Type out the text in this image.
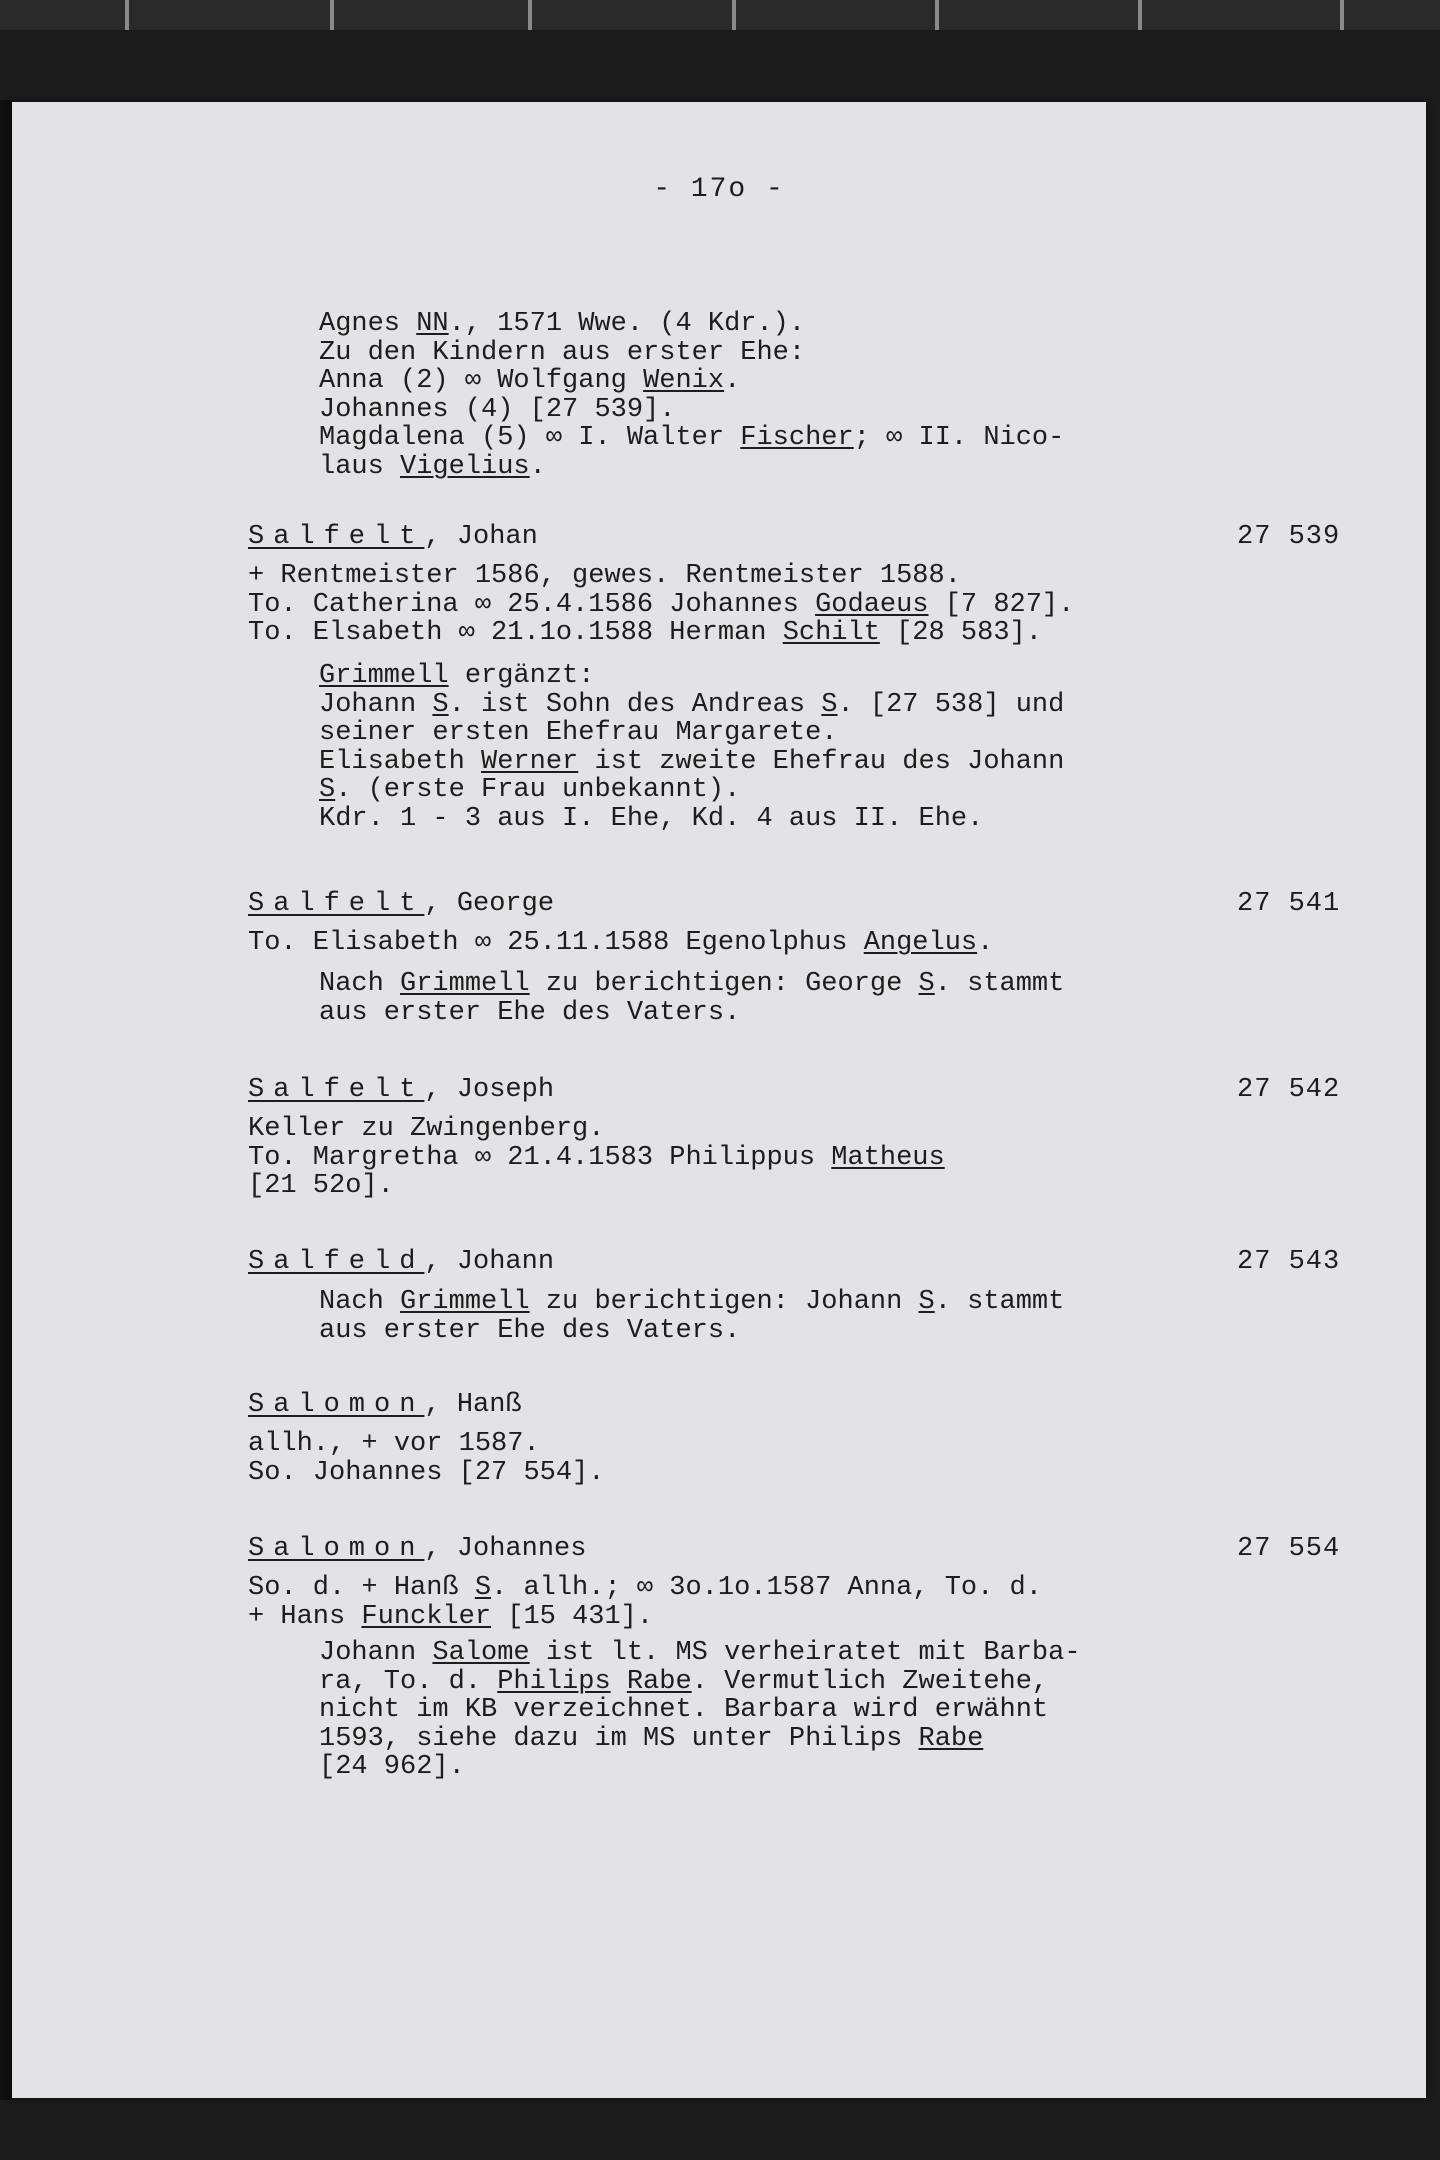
- 17o -
Agnes NN., 1571 Wwe. (4 Kdr.).
Zu den Kindern aus erster Ehe:
Anna (2) ∞ Wolfgang Wenix.
Johannes (4) [27 539].
Magdalena (5) ∞ I. Walter Fischer; ∞ II. Nico-
laus Vigelius.
Salfelt, Johan	27 539
+ Rentmeister 1586, gewes. Rentmeister 1588.
To. Catherina ∞ 25.4.1586 Johannes Godaeus [7 827].
To. Elsabeth ∞ 21.1o.1588 Herman Schilt [28 583].
Grimmell ergänzt:
Johann S. ist Sohn des Andreas S. [27 538] und
seiner ersten Ehefrau Margarete.
Elisabeth Werner ist zweite Ehefrau des Johann
S. (erste Frau unbekannt).
Kdr. 1 - 3 aus I. Ehe, Kd. 4 aus II. Ehe.
Salfelt, George	27 541
To. Elisabeth ∞ 25.11.1588 Egenolphus Angelus.
Nach Grimmell zu berichtigen: George S. stammt
aus erster Ehe des Vaters.
Salfelt, Joseph	27 542
Keller zu Zwingenberg.
To. Margretha ∞ 21.4.1583 Philippus Matheus
[21 52o].
Salfeld, Johann	27 543
Nach Grimmell zu berichtigen: Johann S. stammt
aus erster Ehe des Vaters.
Salomon, Hanß
allh., + vor 1587.
So. Johannes [27 554].
Salomon, Johannes	27 554
So. d. + Hanß S. allh.; ∞ 3o.1o.1587 Anna, To. d.
+ Hans Funckler [15 431].
Johann Salome ist lt. MS verheiratet mit Barba-
ra, To. d. Philips Rabe. Vermutlich Zweitehe,
nicht im KB verzeichnet. Barbara wird erwähnt
1593, siehe dazu im MS unter Philips Rabe
[24 962].
